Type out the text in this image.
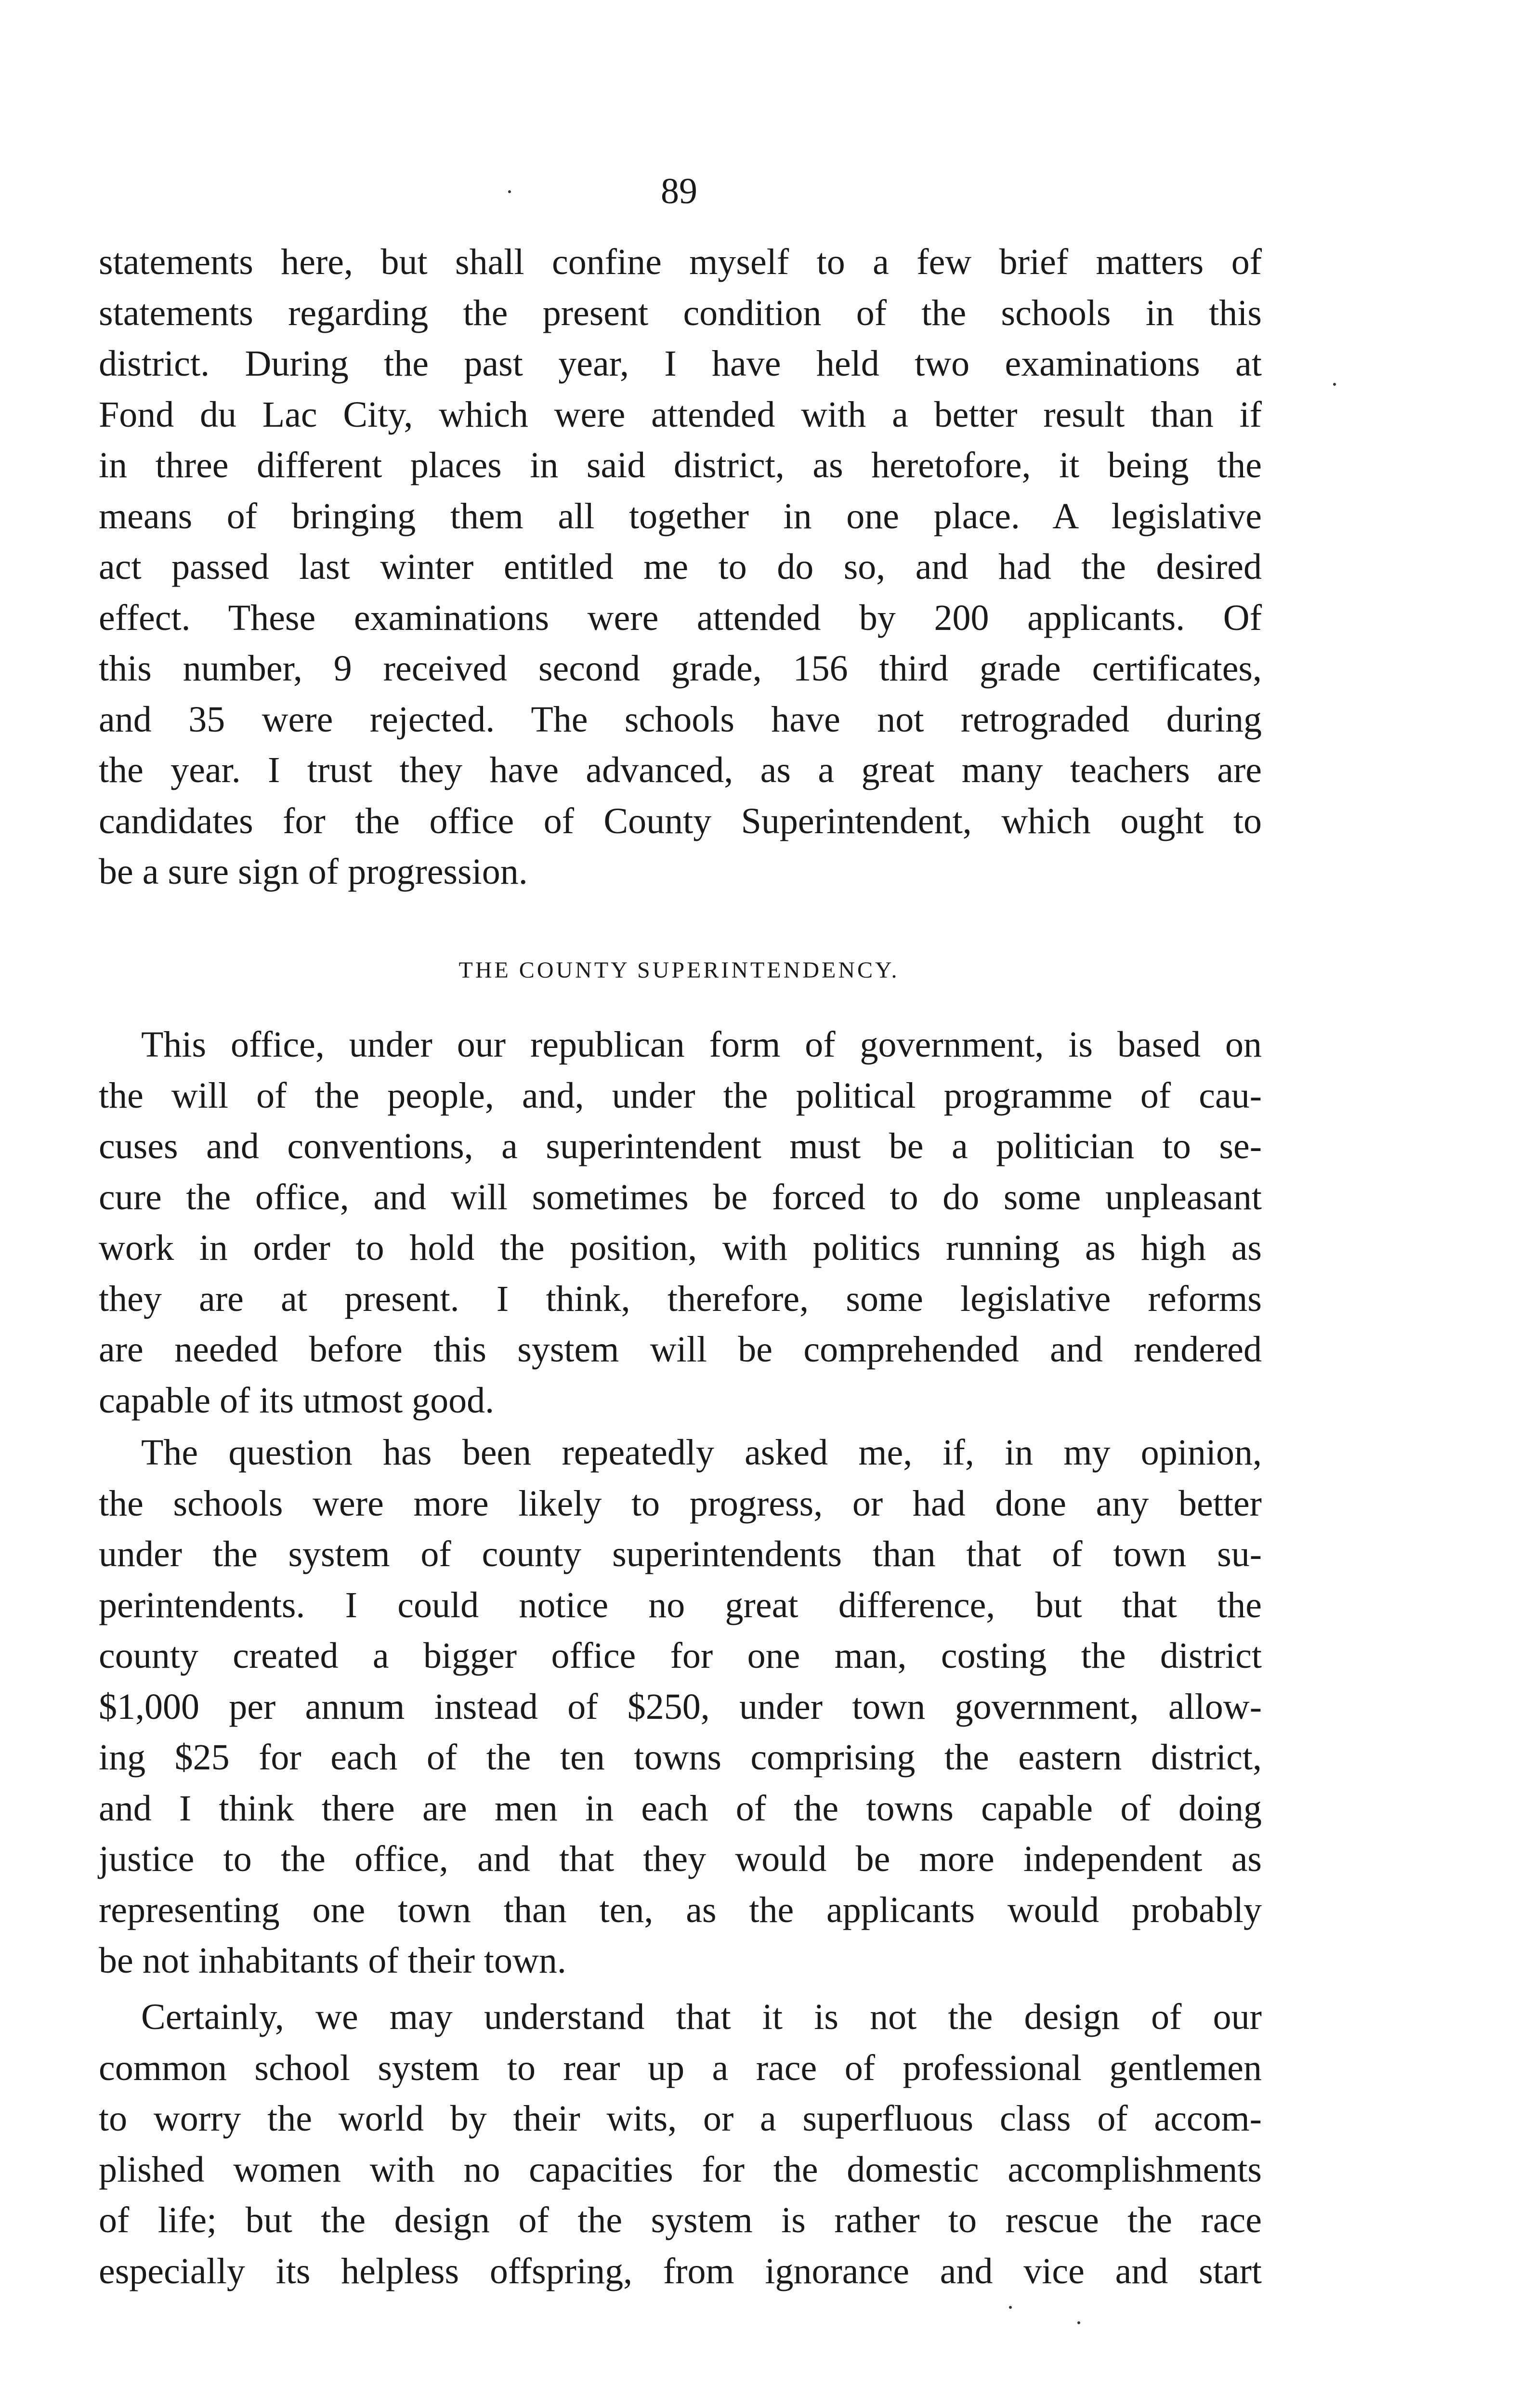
89
statements here, but shall confine myself to a few brief matters of
statements regarding the present condition of the schools in this
district. During the past year, I have held two examinations at
Fond du Lac City, which were attended with a better result than if
in three different places in said district, as heretofore, it being the
means of bringing them all together in one place. A legislative
act passed last winter entitled me to do so, and had the desired
effect. These examinations were attended by 200 applicants. Of
this number, 9 received second grade, 156 third grade certificates,
and 35 were rejected. The schools have not retrograded during
the year. I trust they have advanced, as a great many teachers are
candidates for the office of County Superintendent, which ought to
be a sure sign of progression.
THE COUNTY SUPERINTENDENCY.
This office, under our republican form of government, is based on
the will of the people, and, under the political programme of cau-
cuses and conventions, a superintendent must be a politician to se-
cure the office, and will sometimes be forced to do some unpleasant
work in order to hold the position, with politics running as high as
they are at present. I think, therefore, some legislative reforms
are needed before this system will be comprehended and rendered
capable of its utmost good.
The question has been repeatedly asked me, if, in my opinion,
the schools were more likely to progress, or had done any better
under the system of county superintendents than that of town su-
perintendents. I could notice no great difference, but that the
county created a bigger office for one man, costing the district
$1,000 per annum instead of $250, under town government, allow-
ing $25 for each of the ten towns comprising the eastern district,
and I think there are men in each of the towns capable of doing
justice to the office, and that they would be more independent as
representing one town than ten, as the applicants would probably
be not inhabitants of their town.
Certainly, we may understand that it is not the design of our
common school system to rear up a race of professional gentlemen
to worry the world by their wits, or a superfluous class of accom-
plished women with no capacities for the domestic accomplishments
of life; but the design of the system is rather to rescue the race
especially its helpless offspring, from ignorance and vice and start
